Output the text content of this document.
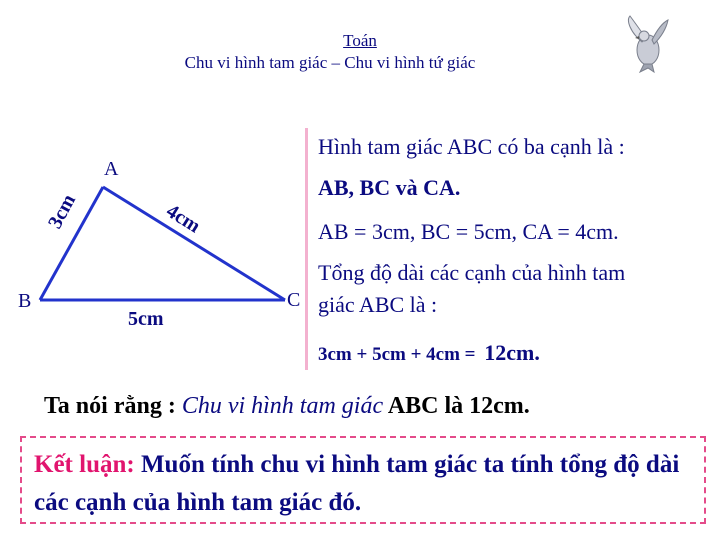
Toán
Chu vi hình tam giác – Chu vi hình tứ giác
A
B	C
3cm
5cm
4cm
Hình tam giác ABC có ba cạnh là :
AB, BC và CA.
AB = 3cm, BC = 5cm, CA = 4cm.
Tổng độ dài các cạnh của hình tam
giác ABC là :
3cm + 5cm + 4cm = 12cm.
Ta nói rằng : Chu vi hình tam giác ABC là 12cm.
Kết luận: Muốn tính chu vi hình tam giác ta tính tổng độ dài các cạnh của hình tam giác đó.
